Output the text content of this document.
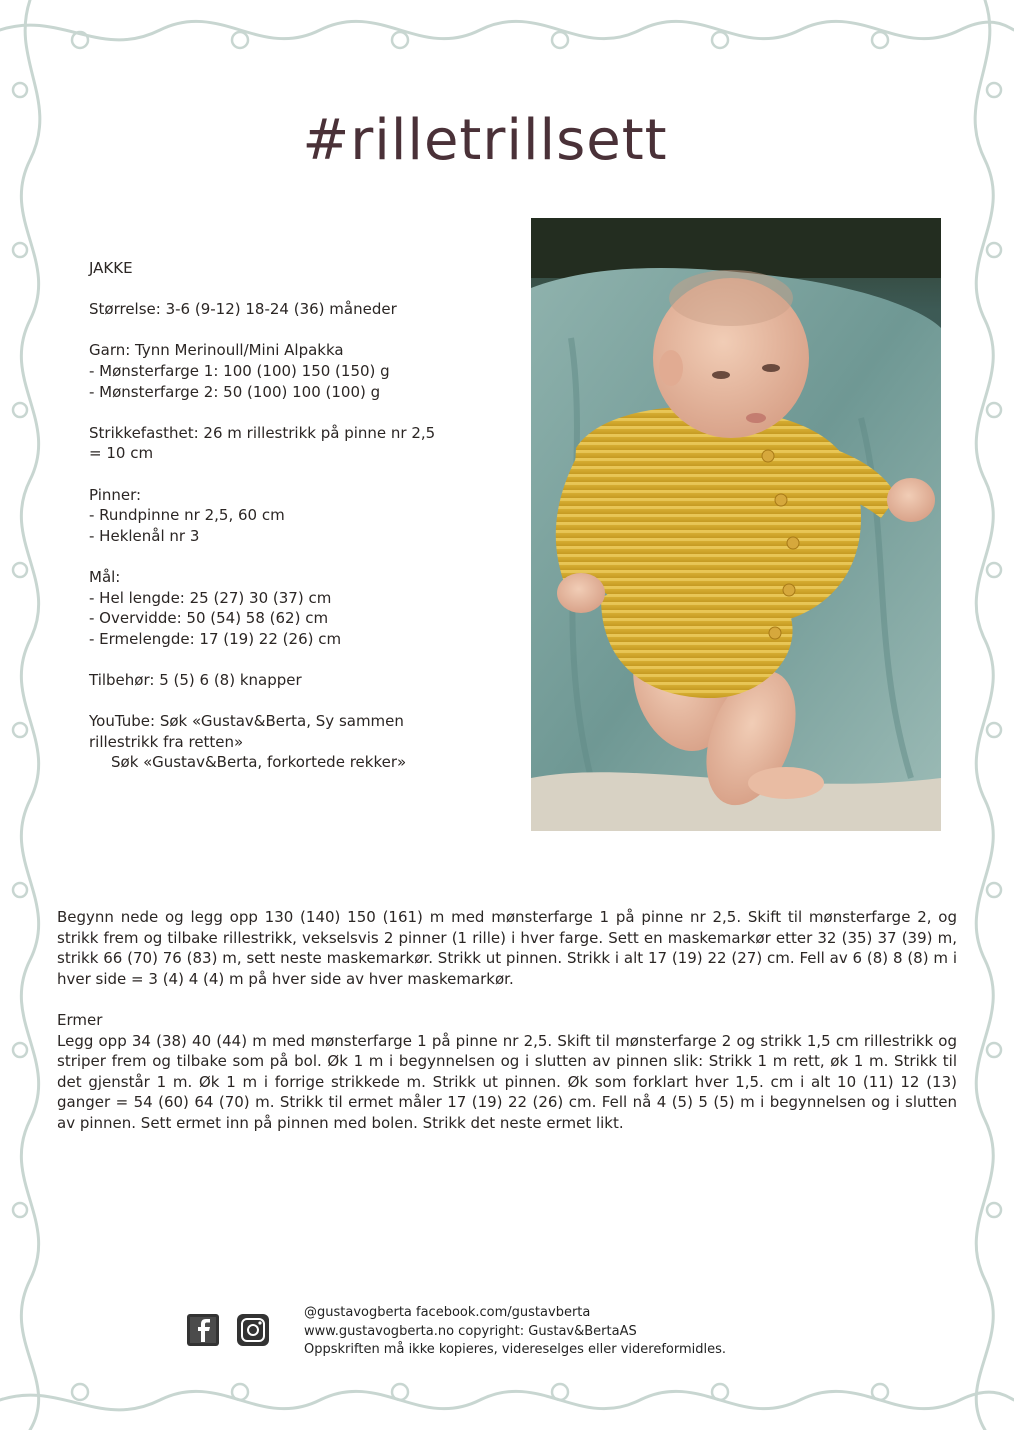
#rilletrillsett

JAKKE

Størrelse: 3-6 (9-12) 18-24 (36) måneder

Garn: Tynn Merinoull/Mini Alpakka
- Mønsterfarge 1: 100 (100) 150 (150) g
- Mønsterfarge 2: 50 (100) 100 (100) g

Strikkefasthet: 26 m rillestrikk på pinne nr 2,5
= 10 cm

Pinner:
- Rundpinne nr 2,5, 60 cm
- Heklenål nr 3

Mål:
- Hel lengde: 25 (27) 30 (37) cm
- Overvidde: 50 (54) 58 (62) cm
- Ermelengde: 17 (19) 22 (26) cm

Tilbehør: 5 (5) 6 (8) knapper

YouTube: Søk «Gustav&Berta, Sy sammen
rillestrikk fra retten»
Søk «Gustav&Berta, forkortede rekker»

Begynn nede og legg opp 130 (140) 150 (161) m med mønsterfarge 1 på pinne nr 2,5. Skift til mønsterfarge 2, og strikk frem og tilbake rillestrikk, vekselsvis 2 pinner (1 rille) i hver farge. Sett en maskemarkør etter 32 (35) 37 (39) m, strikk 66 (70) 76 (83) m, sett neste maskemarkør. Strikk ut pinnen. Strikk i alt 17 (19) 22 (27) cm. Fell av 6 (8) 8 (8) m i hver side = 3 (4) 4 (4) m på hver side av hver maskemarkør.

Ermer

Legg opp 34 (38) 40 (44) m med mønsterfarge 1 på pinne nr 2,5. Skift til mønsterfarge 2 og strikk 1,5 cm rillestrikk og striper frem og tilbake som på bol. Øk 1 m i begynnelsen og i slutten av pinnen slik: Strikk 1 m rett, øk 1 m. Strikk til det gjenstår 1 m. Øk 1 m i forrige strikkede m. Strikk ut pinnen. Øk som forklart hver 1,5. cm i alt 10 (11) 12 (13) ganger = 54 (60) 64 (70) m. Strikk til ermet måler 17 (19) 22 (26) cm. Fell nå 4 (5) 5 (5) m i begynnelsen og i slutten av pinnen. Sett ermet inn på pinnen med bolen. Strikk det neste ermet likt.

@gustavogberta facebook.com/gustavberta
www.gustavogberta.no copyright: Gustav&BertaAS
Oppskriften må ikke kopieres, videreselges eller videreformidles.
